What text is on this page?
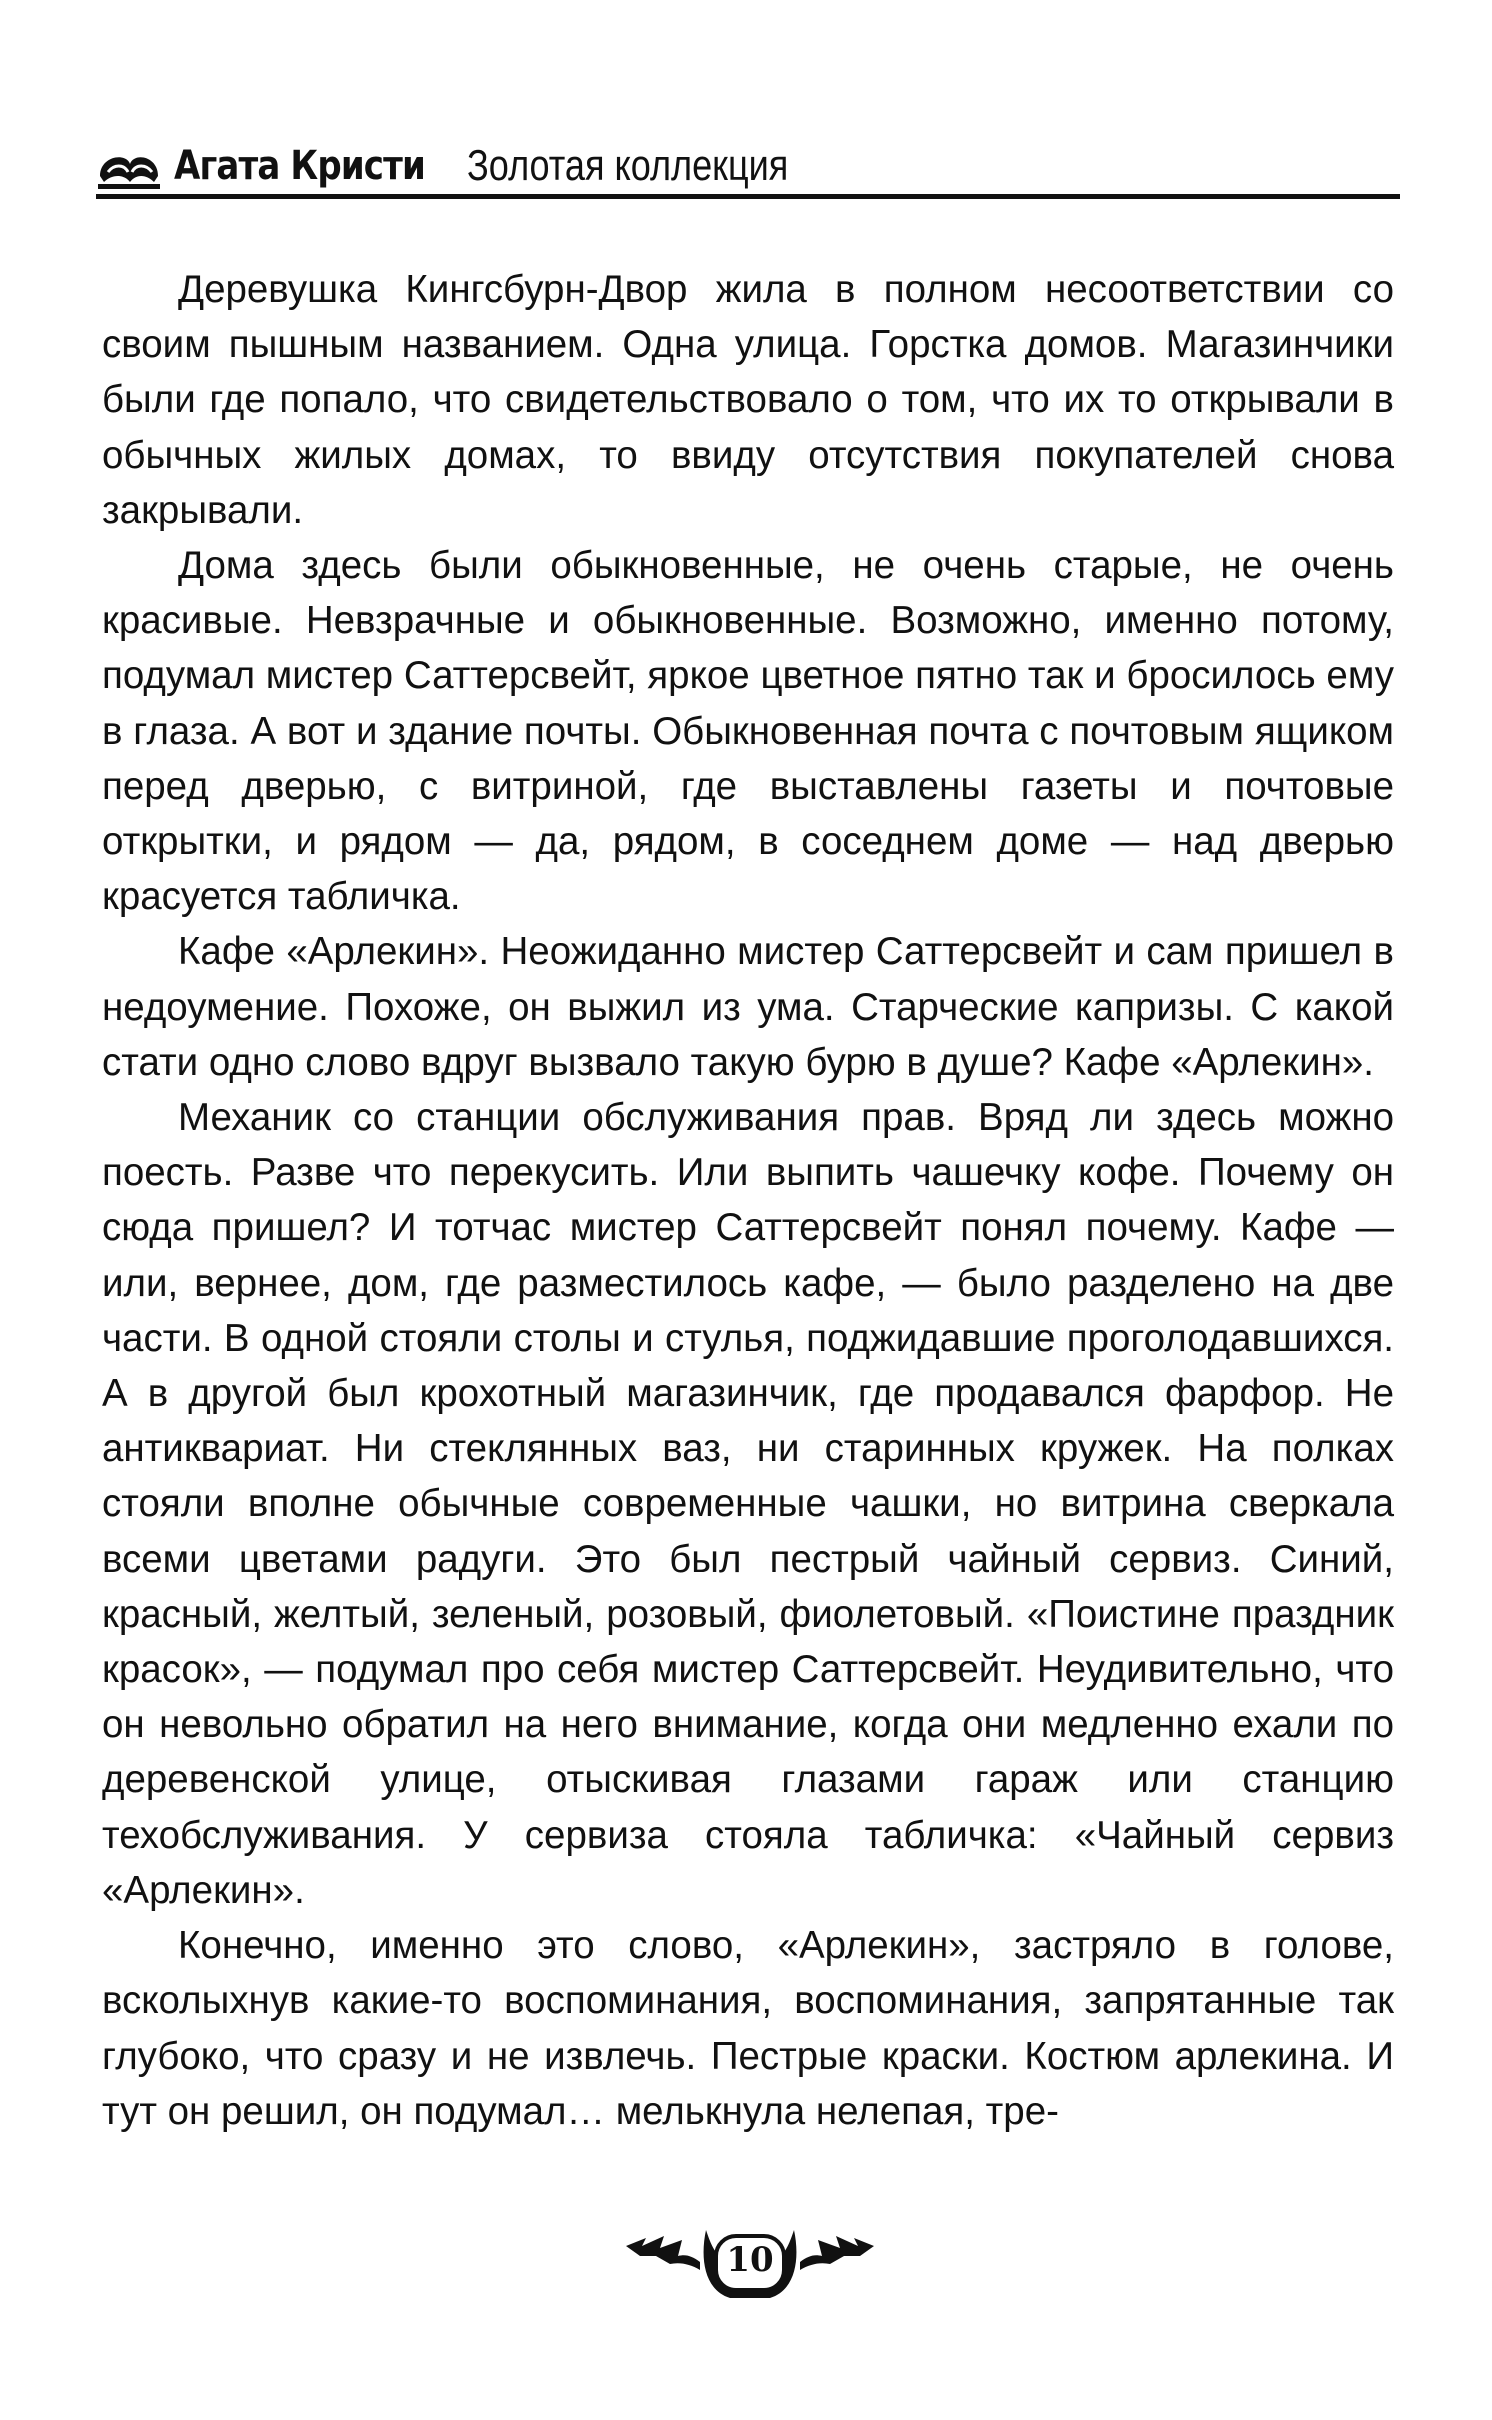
Агата Кристи Золотая коллекция

Деревушка Кингсбурн-Двор жила в полном несоответствии со своим пышным названием. Одна улица. Горстка домов. Магазинчики были где попало, что свидетельствовало о том, что их то открывали в обычных жилых домах, то ввиду отсутствия покупателей снова закрывали.

Дома здесь были обыкновенные, не очень старые, не очень красивые. Невзрачные и обыкновенные. Возможно, именно потому, подумал мистер Саттерсвейт, яркое цветное пятно так и бросилось ему в глаза. А вот и здание почты. Обыкновенная почта с почтовым ящиком перед дверью, с витриной, где выставлены газеты и почтовые открытки, и рядом — да, рядом, в соседнем доме — над дверью красуется табличка.

Кафе «Арлекин». Неожиданно мистер Саттерсвейт и сам пришел в недоумение. Похоже, он выжил из ума. Старческие капризы. С какой стати одно слово вдруг вызвало такую бурю в душе? Кафе «Арлекин».

Механик со станции обслуживания прав. Вряд ли здесь можно поесть. Разве что перекусить. Или выпить чашечку кофе. Почему он сюда пришел? И тотчас мистер Саттерсвейт понял почему. Кафе — или, вернее, дом, где разместилось кафе, — было разделено на две части. В одной стояли столы и стулья, поджидавшие проголодавшихся. А в другой был крохотный магазинчик, где продавался фарфор. Не антиквариат. Ни стеклянных ваз, ни старинных кружек. На полках стояли вполне обычные современные чашки, но витрина сверкала всеми цветами радуги. Это был пестрый чайный сервиз. Синий, красный, желтый, зеленый, розовый, фиолетовый. «Поистине праздник красок», — подумал про себя мистер Саттерсвейт. Неудивительно, что он невольно обратил на него внимание, когда они медленно ехали по деревенской улице, отыскивая глазами гараж или станцию техобслуживания. У сервиза стояла табличка: «Чайный сервиз «Арлекин».

Конечно, именно это слово, «Арлекин», застряло в голове, всколыхнув какие-то воспоминания, воспоминания, запрятанные так глубоко, что сразу и не извлечь. Пестрые краски. Костюм арлекина. И тут он решил, он подумал… мелькнула нелепая, тре-

10
